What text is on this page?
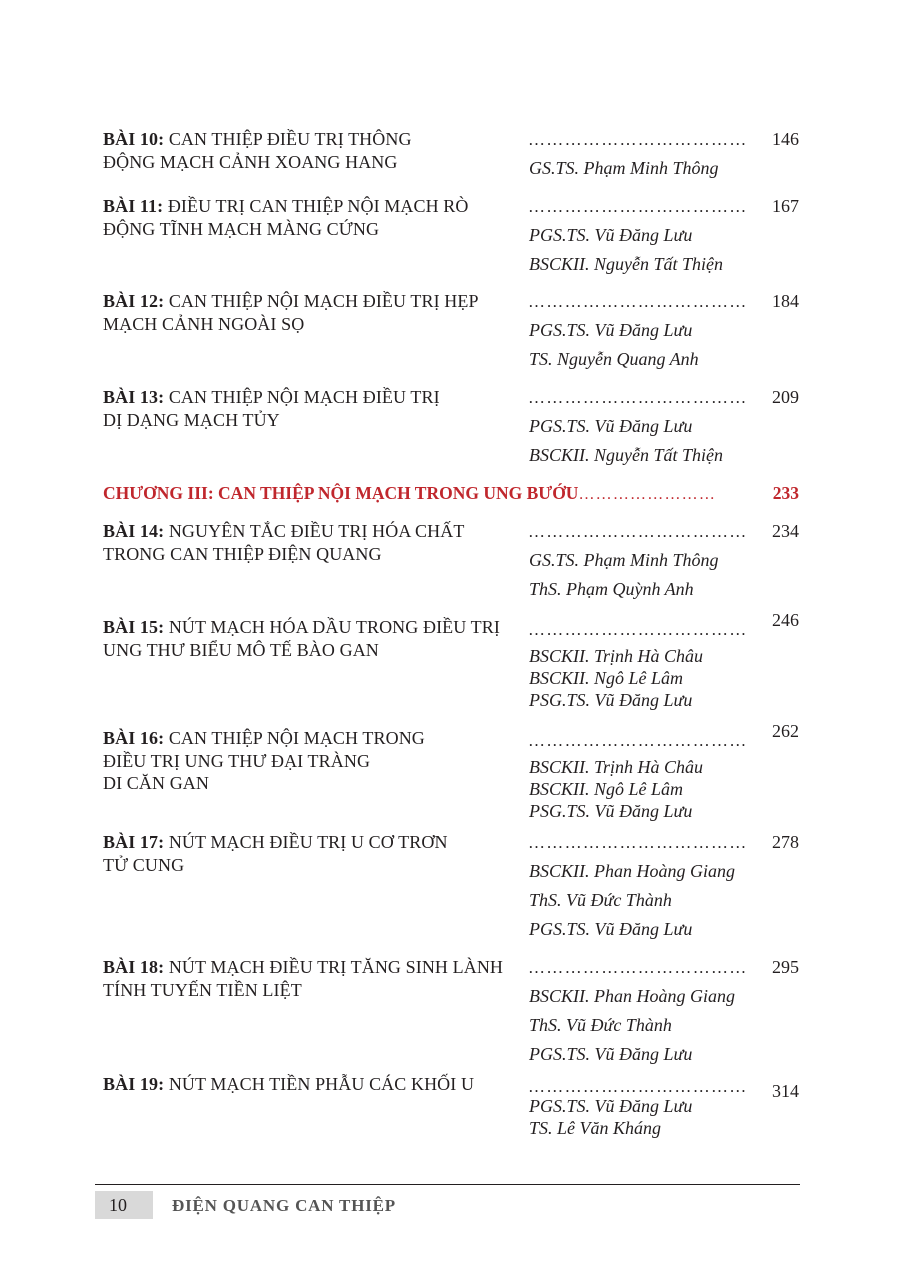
BÀI 10: CAN THIỆP ĐIỀU TRỊ THÔNG
ĐỘNG MẠCH CẢNH XOANG HANG
……………………………… 146
GS.TS. Phạm Minh Thông
BÀI 11: ĐIỀU TRỊ CAN THIỆP NỘI MẠCH RÒ
ĐỘNG TĨNH MẠCH MÀNG CỨNG
……………………………… 167
PGS.TS. Vũ Đăng Lưu
BSCKII. Nguyễn Tất Thiện
BÀI 12: CAN THIỆP NỘI MẠCH ĐIỀU TRỊ HẸP
MẠCH CẢNH NGOÀI SỌ
……………………………… 184
PGS.TS. Vũ Đăng Lưu
TS. Nguyễn Quang Anh
BÀI 13: CAN THIỆP NỘI MẠCH ĐIỀU TRỊ
DỊ DẠNG MẠCH TỦY
……………………………… 209
PGS.TS. Vũ Đăng Lưu
BSCKII. Nguyễn Tất Thiện
CHƯƠNG III: CAN THIỆP NỘI MẠCH TRONG UNG BƯỚU……………………	233
BÀI 14: NGUYÊN TẮC ĐIỀU TRỊ HÓA CHẤT
TRONG CAN THIỆP ĐIỆN QUANG
……………………………… 234
GS.TS. Phạm Minh Thông
ThS. Phạm Quỳnh Anh
BÀI 15: NÚT MẠCH HÓA DẦU TRONG ĐIỀU TRỊ
UNG THƯ BIỂU MÔ TẾ BÀO GAN
……………………………… 246
BSCKII. Trịnh Hà Châu
BSCKII. Ngô Lê Lâm
PSG.TS. Vũ Đăng Lưu
BÀI 16: CAN THIỆP NỘI MẠCH TRONG
ĐIỀU TRỊ UNG THƯ ĐẠI TRÀNG
DI CĂN GAN
……………………………… 262
BSCKII. Trịnh Hà Châu
BSCKII. Ngô Lê Lâm
PSG.TS. Vũ Đăng Lưu
BÀI 17: NÚT MẠCH ĐIỀU TRỊ U CƠ TRƠN
TỬ CUNG
……………………………… 278
BSCKII. Phan Hoàng Giang
ThS. Vũ Đức Thành
PGS.TS. Vũ Đăng Lưu
BÀI 18: NÚT MẠCH ĐIỀU TRỊ TĂNG SINH LÀNH
TÍNH TUYẾN TIỀN LIỆT
……………………………… 295
BSCKII. Phan Hoàng Giang
ThS. Vũ Đức Thành
PGS.TS. Vũ Đăng Lưu
BÀI 19: NÚT MẠCH TIỀN PHẪU CÁC KHỐI U	……………………………… 314
PGS.TS. Vũ Đăng Lưu
TS. Lê Văn Kháng
10	ĐIỆN QUANG CAN THIỆP
